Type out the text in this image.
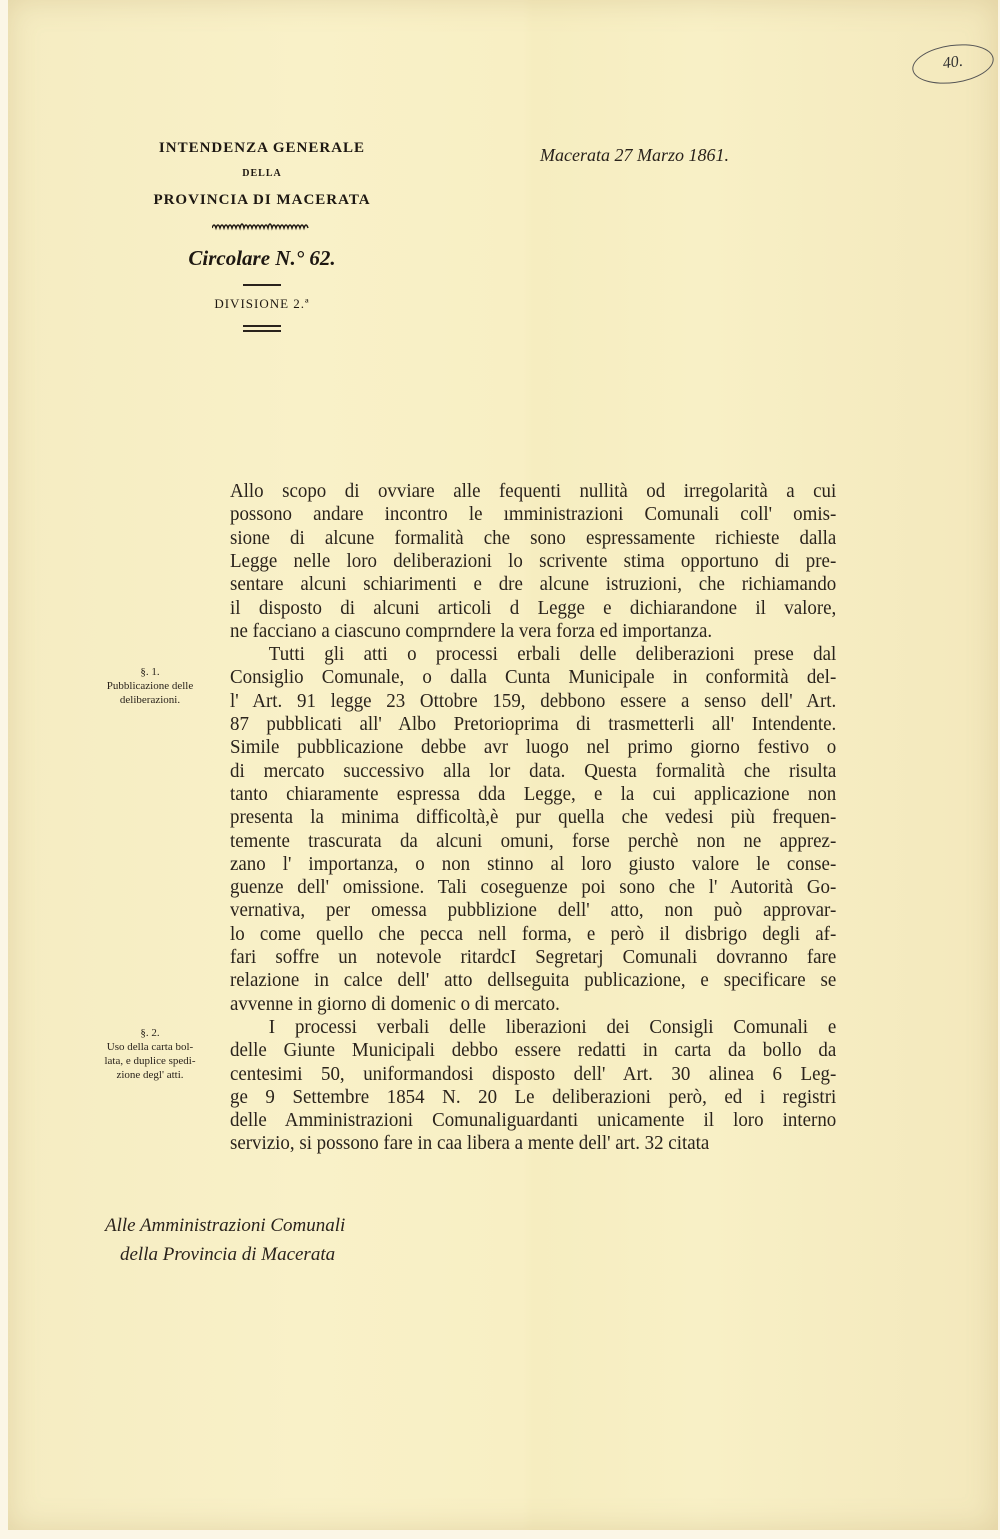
40.
INTENDENZA GENERALE
DELLA
PROVINCIA DI MACERATA
Circolare N.° 62.
DIVISIONE 2.ª
Macerata 27 Marzo 1861.
§. 1.
Pubblicazione delle
deliberazioni.
§. 2.
Uso della carta bol-
lata, e duplice spedi-
zione degl' atti.
Allo scopo di ovviare alle fequenti nullità od irregolarità a cui
possono andare incontro le ımministrazioni Comunali coll' omis-
sione di alcune formalità che sono espressamente richieste dalla
Legge nelle loro deliberazioni lo scrivente stima opportuno di pre-
sentare alcuni schiarimenti e dre alcune istruzioni, che richiamando
il disposto di alcuni articoli d Legge e dichiarandone il valore,
ne facciano a ciascuno comprndere la vera forza ed importanza.
Tutti gli atti o processi erbali delle deliberazioni prese dal
Consiglio Comunale, o dalla Cunta Municipale in conformità del-
l' Art. 91 legge 23 Ottobre 159, debbono essere a senso dell' Art.
87 pubblicati all' Albo Pretorioprima di trasmetterli all' Intendente.
Simile pubblicazione debbe avr luogo nel primo giorno festivo o
di mercato successivo alla lor data. Questa formalità che risulta
tanto chiaramente espressa dda Legge, e la cui applicazione non
presenta la minima difficoltà,è pur quella che vedesi più frequen-
temente trascurata da alcuni omuni, forse perchè non ne apprez-
zano l' importanza, o non stinno al loro giusto valore le conse-
guenze dell' omissione. Tali coseguenze poi sono che l' Autorità Go-
vernativa, per omessa pubblizione dell' atto, non può approvar-
lo come quello che pecca nell forma, e però il disbrigo degli af-
fari soffre un notevole ritardcI Segretarj Comunali dovranno fare
relazione in calce dell' atto dellseguita publicazione, e specificare se
avvenne in giorno di domenic o di mercato.
I processi verbali delle liberazioni dei Consigli Comunali e
delle Giunte Municipali debbo essere redatti in carta da bollo da
centesimi 50, uniformandosi disposto dell' Art. 30 alinea 6 Leg-
ge 9 Settembre 1854 N. 20 Le deliberazioni però, ed i registri
delle Amministrazioni Comunaliguardanti unicamente il loro interno
servizio, si possono fare in caa libera a mente dell' art. 32 citata
Alle Amministrazioni Comunali
della Provincia di Macerata
